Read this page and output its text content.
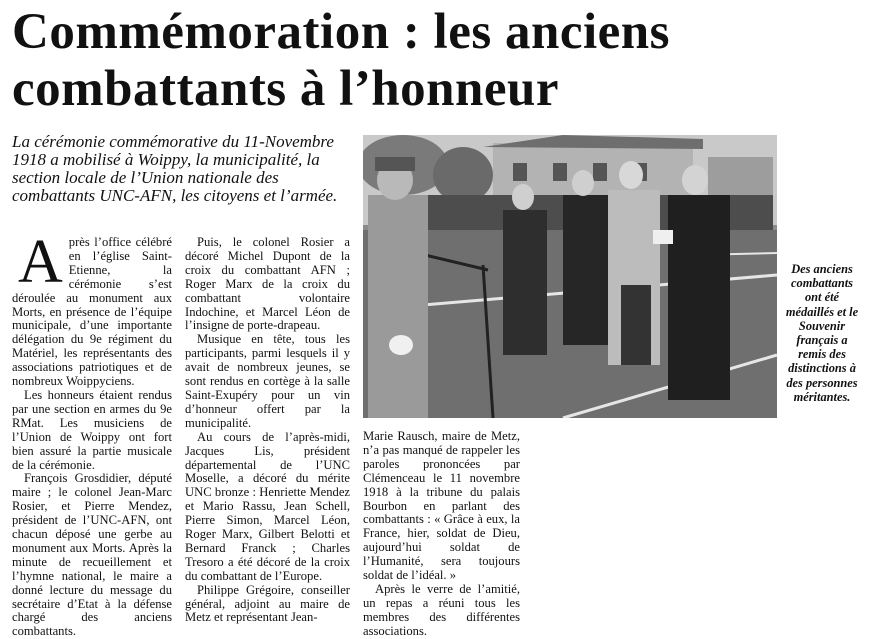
Commémoration : les anciens combattants à l’honneur

La cérémonie commémorative du 11-Novembre 1918 a mobilisé à Woippy, la municipalité, la section locale de l’Union nationale des combattants UNC-AFN, les citoyens et l’armée.

A près l’office célébré en l’église Saint-Etienne, la cérémonie s’est déroulée au monument aux Morts, en présence de l’équipe municipale, d’une importante délégation du 9e régiment du Matériel, les représentants des associations patriotiques et de nombreux Woippyciens.

Les honneurs étaient rendus par une section en armes du 9e RMat. Les musiciens de l’Union de Woippy ont fort bien assuré la partie musicale de la cérémonie.

François Grosdidier, député maire ; le colonel Jean-Marc Rosier, et Pierre Mendez, président de l’UNC-AFN, ont chacun déposé une gerbe au monument aux Morts. Après la minute de recueillement et l’hymne national, le maire a donné lecture du message du secrétaire d’Etat à la défense chargé des anciens combattants.

Puis, le colonel Rosier a décoré Michel Dupont de la croix du combattant AFN ; Roger Marx de la croix du combattant volontaire Indochine, et Marcel Léon de l’insigne de porte-drapeau.

Musique en tête, tous les participants, parmi lesquels il y avait de nombreux jeunes, se sont rendus en cortège à la salle Saint-Exupéry pour un vin d’honneur offert par la municipalité.

Au cours de l’après-midi, Jacques Lis, président départemental de l’UNC Moselle, a décoré du mérite UNC bronze : Henriette Mendez et Mario Rassu, Jean Schell, Pierre Simon, Marcel Léon, Roger Marx, Gilbert Belotti et Bernard Franck ; Charles Tresoro a été décoré de la croix du combattant de l’Europe.

Philippe Grégoire, conseiller général, adjoint au maire de Metz et représentant Jean-

Des anciens combattants ont été médaillés et le Souvenir français a remis des distinctions à des personnes méritantes.

Marie Rausch, maire de Metz, n’a pas manqué de rappeler les paroles prononcées par Clémenceau le 11 novembre 1918 à la tribune du palais Bourbon en parlant des combattants : « Grâce à eux, la France, hier, soldat de Dieu, aujourd’hui soldat de l’Humanité, sera toujours soldat de l’idéal. »

Après le verre de l’amitié, un repas a réuni tous les membres des différentes associations.
